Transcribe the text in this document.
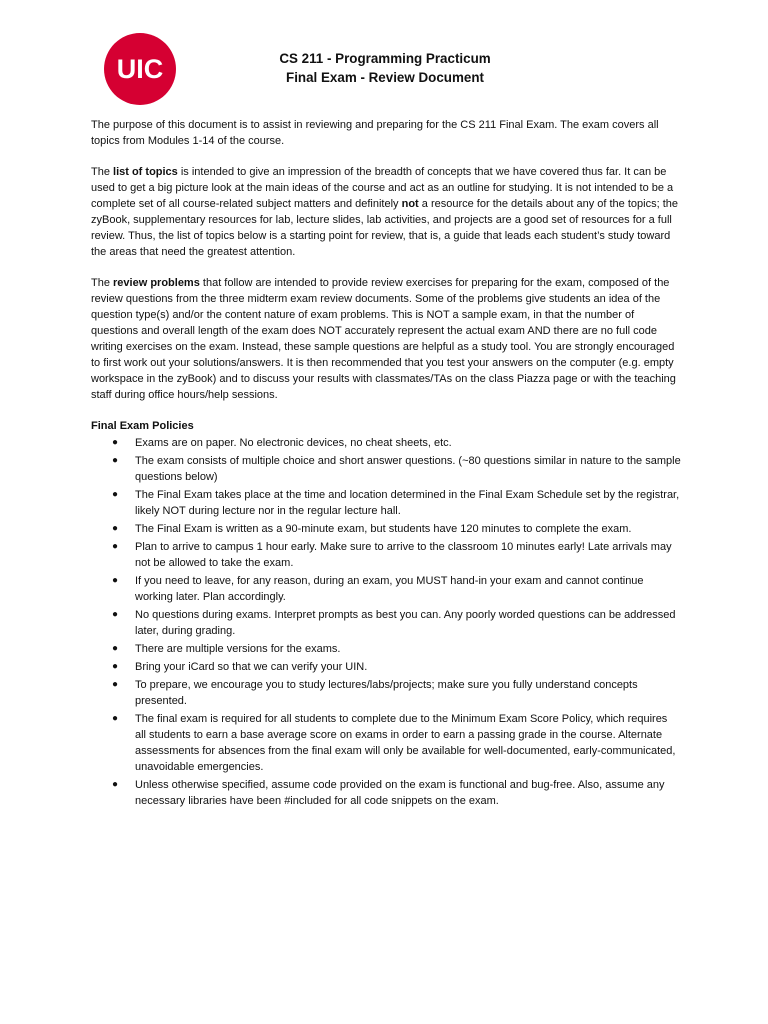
UIC	CS 211 - Programming Practicum
Final Exam - Review Document

The purpose of this document is to assist in reviewing and preparing for the CS 211 Final Exam. The exam covers all topics from Modules 1-14 of the course.

The list of topics is intended to give an impression of the breadth of concepts that we have covered thus far. It can be used to get a big picture look at the main ideas of the course and act as an outline for studying. It is not intended to be a complete set of all course-related subject matters and definitely not a resource for the details about any of the topics; the zyBook, supplementary resources for lab, lecture slides, lab activities, and projects are a good set of resources for a full review. Thus, the list of topics below is a starting point for review, that is, a guide that leads each student’s study toward the areas that need the greatest attention.

The review problems that follow are intended to provide review exercises for preparing for the exam, composed of the review questions from the three midterm exam review documents. Some of the problems give students an idea of the question type(s) and/or the content nature of exam problems. This is NOT a sample exam, in that the number of questions and overall length of the exam does NOT accurately represent the actual exam AND there are no full code writing exercises on the exam. Instead, these sample questions are helpful as a study tool. You are strongly encouraged to first work out your solutions/answers. It is then recommended that you test your answers on the computer (e.g. empty workspace in the zyBook) and to discuss your results with classmates/TAs on the class Piazza page or with the teaching staff during office hours/help sessions.

Final Exam Policies
● Exams are on paper. No electronic devices, no cheat sheets, etc.
● The exam consists of multiple choice and short answer questions. (~80 questions similar in nature to the sample questions below)
● The Final Exam takes place at the time and location determined in the Final Exam Schedule set by the registrar, likely NOT during lecture nor in the regular lecture hall.
● The Final Exam is written as a 90-minute exam, but students have 120 minutes to complete the exam.
● Plan to arrive to campus 1 hour early. Make sure to arrive to the classroom 10 minutes early! Late arrivals may not be allowed to take the exam.
● If you need to leave, for any reason, during an exam, you MUST hand-in your exam and cannot continue working later. Plan accordingly.
● No questions during exams. Interpret prompts as best you can. Any poorly worded questions can be addressed later, during grading.
● There are multiple versions for the exams.
● Bring your iCard so that we can verify your UIN.
● To prepare, we encourage you to study lectures/labs/projects; make sure you fully understand concepts presented.
● The final exam is required for all students to complete due to the Minimum Exam Score Policy, which requires all students to earn a base average score on exams in order to earn a passing grade in the course. Alternate assessments for absences from the final exam will only be available for well-documented, early-communicated, unavoidable emergencies.
● Unless otherwise specified, assume code provided on the exam is functional and bug-free. Also, assume any necessary libraries have been #included for all code snippets on the exam.
